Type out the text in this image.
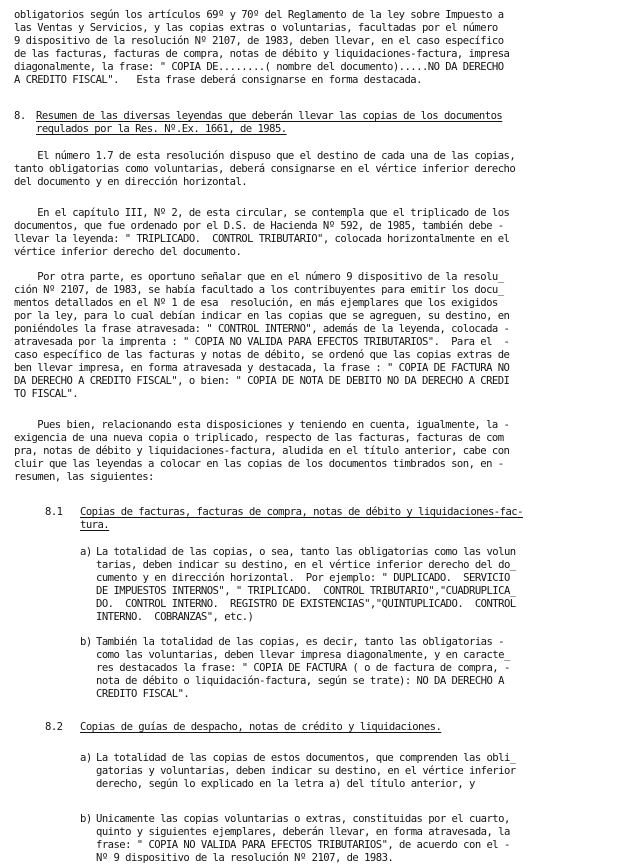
obligatorios según los artículos 69º y 70º del Reglamento de la ley sobre Impuesto a
las Ventas y Servicios, y las copias extras o voluntarias, facultadas por el número
9 dispositivo de la resolución Nº 2107, de 1983, deben llevar, en el caso específico
de las facturas, facturas de compra, notas de débito y liquidaciones-factura, impresa
diagonalmente, la frase: " COPIA DE........( nombre del documento).....NO DA DERECHO
A CREDITO FISCAL".   Esta frase deberá consignarse en forma destacada.
8. Resumen de las diversas leyendas que deberán llevar las copias de los documentos
requlados por la Res. Nº.Ex. 1661, de 1985.
El número 1.7 de esta resolución dispuso que el destino de cada una de las copias,
tanto obligatorias como voluntarias, deberá consignarse en el vértice inferior derecho
del documento y en dirección horizontal.
En el capítulo III, Nº 2, de esta circular, se contempla que el triplicado de los
documentos, que fue ordenado por el D.S. de Hacienda Nº 592, de 1985, también debe -
llevar la leyenda: " TRIPLICADO.  CONTROL TRIBUTARIO", colocada horizontalmente en el
vértice inferior derecho del documento.
Por otra parte, es oportuno señalar que en el número 9 dispositivo de la resolu_
ción Nº 2107, de 1983, se había facultado a los contribuyentes para emitir los docu_
mentos detallados en el Nº 1 de esa  resolución, en más ejemplares que los exigidos
por la ley, para lo cual debían indicar en las copias que se agreguen, su destino, en
poniéndoles la frase atravesada: " CONTROL INTERNO", además de la leyenda, colocada -
atravesada por la imprenta : " COPIA NO VALIDA PARA EFECTOS TRIBUTARIOS".  Para el  -
caso específico de las facturas y notas de débito, se ordenó que las copias extras de
ben llevar impresa, en forma atravesada y destacada, la frase : " COPIA DE FACTURA NO
DA DERECHO A CREDITO FISCAL", o bien: " COPIA DE NOTA DE DEBITO NO DA DERECHO A CREDI
TO FISCAL".
Pues bien, relacionando esta disposiciones y teniendo en cuenta, igualmente, la -
exigencia de una nueva copia o triplicado, respecto de las facturas, facturas de com
pra, notas de débito y liquidaciones-factura, aludida en el título anterior, cabe con
cluir que las leyendas a colocar en las copias de los documentos timbrados son, en -
resumen, las siguientes:
8.1 Copias de facturas, facturas de compra, notas de débito y liquidaciones-fac-
tura.
a) La totalidad de las copias, o sea, tanto las obligatorias como las volun
tarias, deben indicar su destino, en el vértice inferior derecho del do_
cumento y en dirección horizontal.  Por ejemplo: " DUPLICADO.  SERVICIO
DE IMPUESTOS INTERNOS", " TRIPLICADO.  CONTROL TRIBUTARIO","CUADRUPLICA_
DO.  CONTROL INTERNO.  REGISTRO DE EXISTENCIAS","QUINTUPLICADO.  CONTROL
INTERNO.  COBRANZAS", etc.)
b) También la totalidad de las copias, es decir, tanto las obligatorias -
como las voluntarias, deben llevar impresa diagonalmente, y en caracte_
res destacados la frase: " COPIA DE FACTURA ( o de factura de compra, -
nota de débito o liquidación-factura, según se trate): NO DA DERECHO A
CREDITO FISCAL".
8.2 Copias de guías de despacho, notas de crédito y liquidaciones.
a) La totalidad de las copias de estos documentos, que comprenden las obli_
gatorias y voluntarias, deben indicar su destino, en el vértice inferior
derecho, según lo explicado en la letra a) del título anterior, y
b) Unicamente las copias voluntarias o extras, constituidas por el cuarto,
quinto y siguientes ejemplares, deberán llevar, en forma atravesada, la
frase: " COPIA NO VALIDA PARA EFECTOS TRIBUTARIOS", de acuerdo con el -
Nº 9 dispositivo de la resolución Nº 2107, de 1983.
